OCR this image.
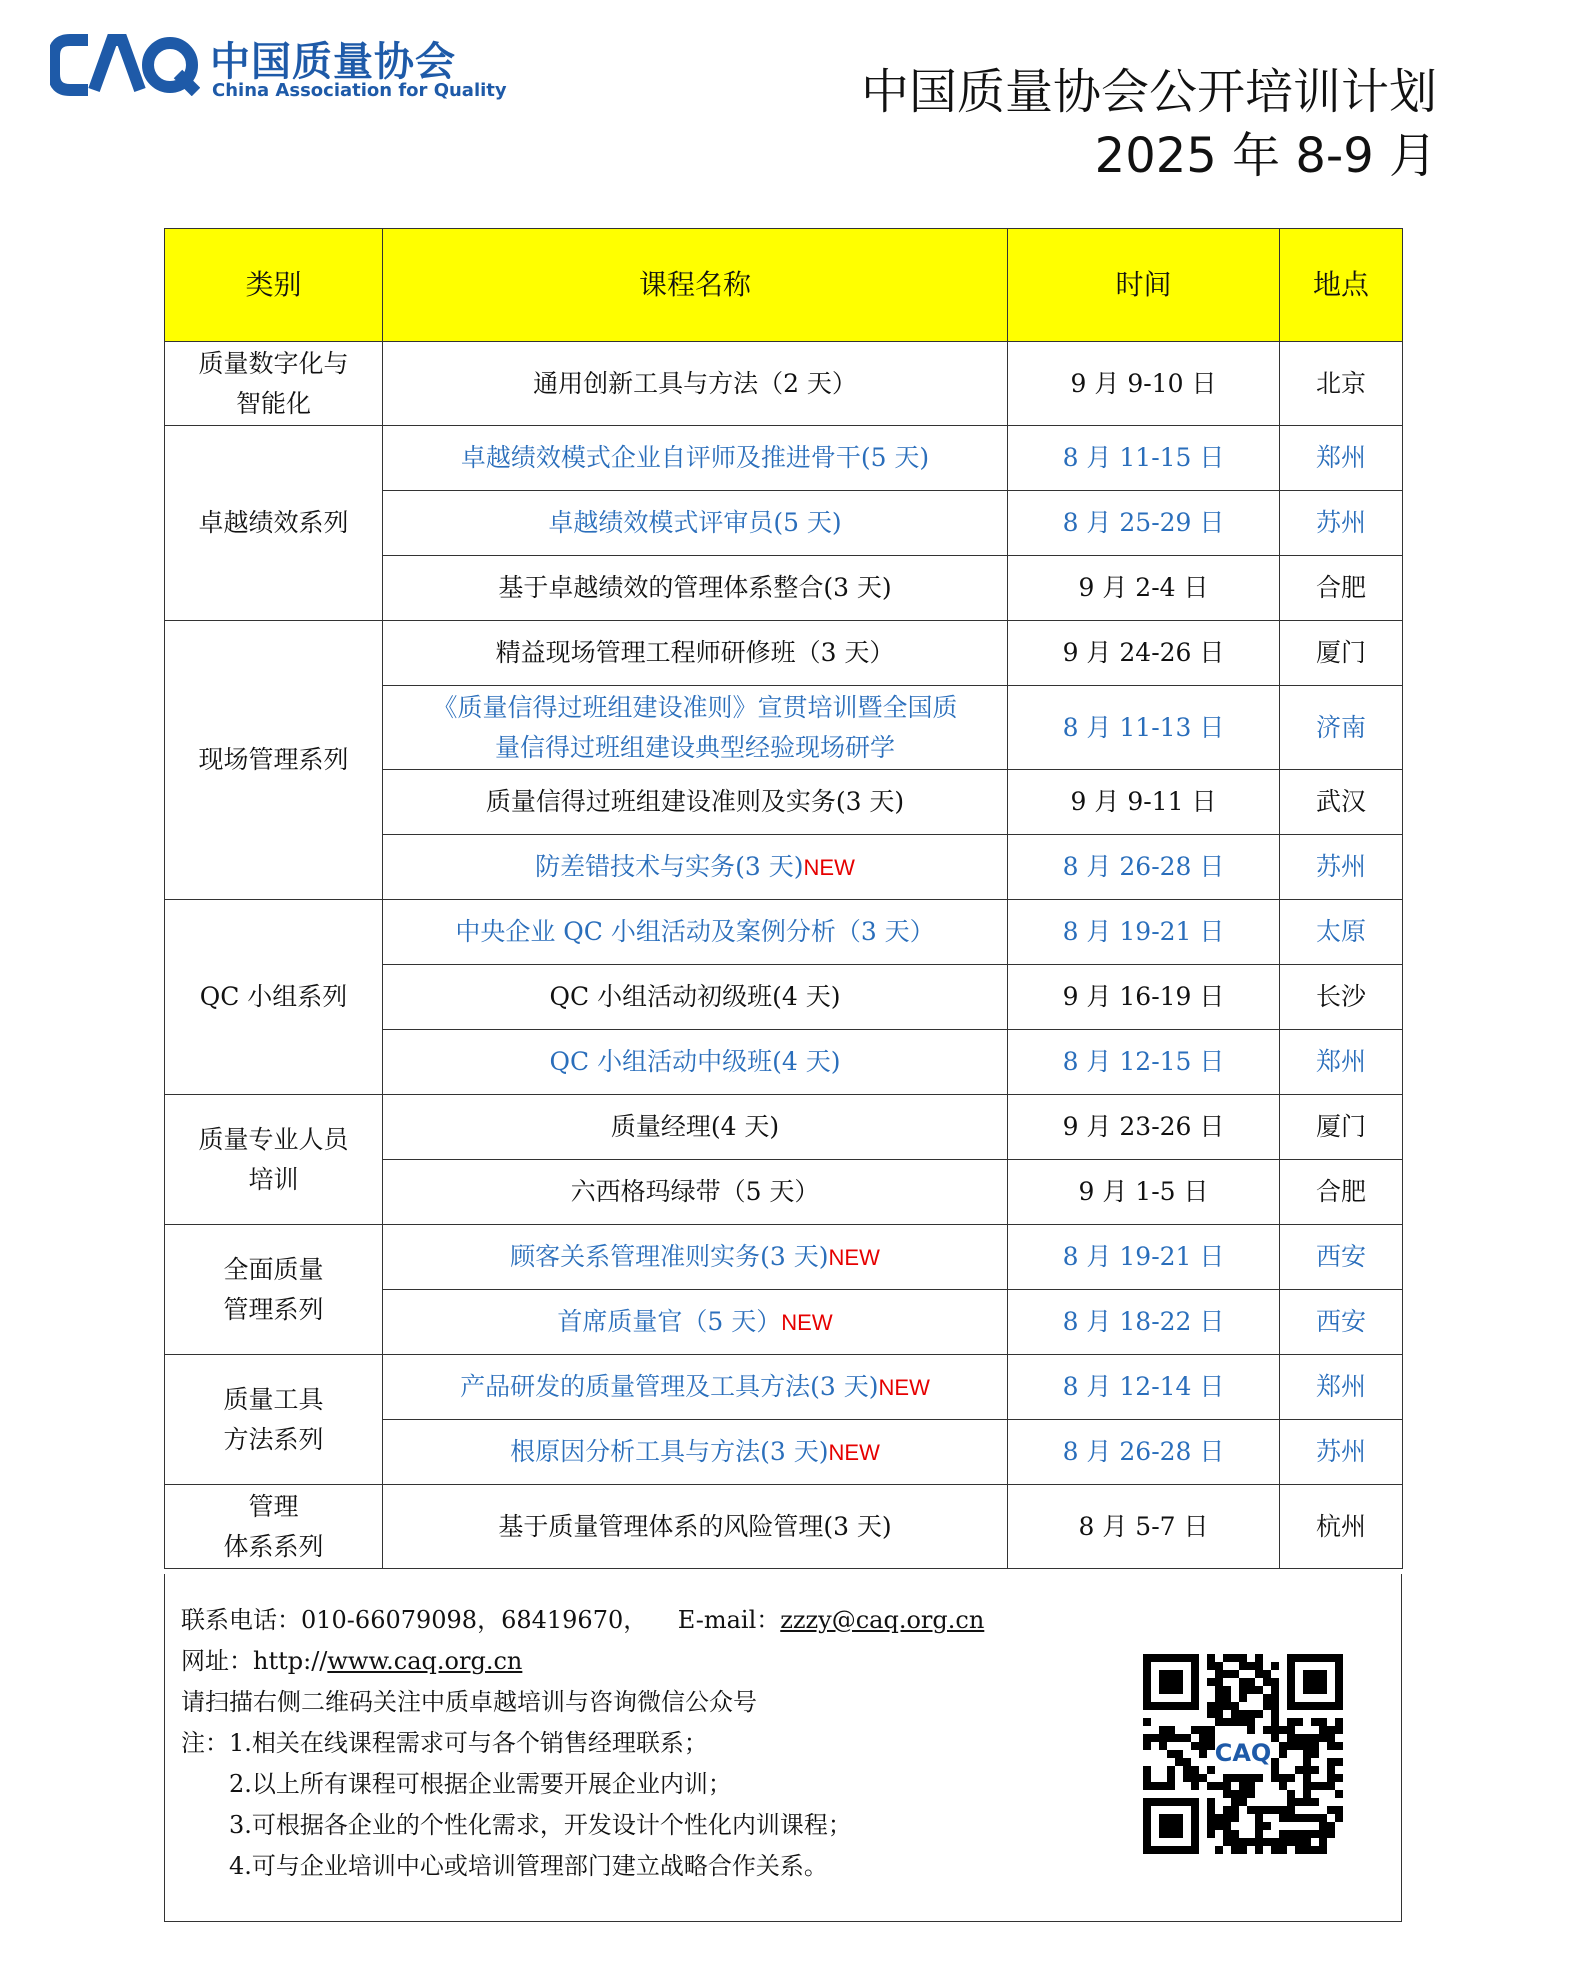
中国质量协会
China Association for Quality	中国质量协会公开培训计划
2025 年 8-9 月
类别	课程名称	时间	地点
质量数字化与
智能化	通用创新工具与方法（2 天）	9 月 9-10 日	北京
卓越绩效系列	卓越绩效模式企业自评师及推进骨干(5 天)	8 月 11-15 日	郑州
	卓越绩效模式评审员(5 天)	8 月 25-29 日	苏州
	基于卓越绩效的管理体系整合(3 天)	9 月 2-4 日	合肥
现场管理系列	精益现场管理工程师研修班（3 天）	9 月 24-26 日	厦门
	《质量信得过班组建设准则》宣贯培训暨全国质
量信得过班组建设典型经验现场研学	8 月 11-13 日	济南
	质量信得过班组建设准则及实务(3 天)	9 月 9-11 日	武汉
	防差错技术与实务(3 天)NEW	8 月 26-28 日	苏州
QC 小组系列	中央企业 QC 小组活动及案例分析（3 天）	8 月 19-21 日	太原
	QC 小组活动初级班(4 天)	9 月 16-19 日	长沙
	QC 小组活动中级班(4 天)	8 月 12-15 日	郑州
质量专业人员
培训	质量经理(4 天)	9 月 23-26 日	厦门
	六西格玛绿带（5 天）	9 月 1-5 日	合肥
全面质量
管理系列	顾客关系管理准则实务(3 天)NEW	8 月 19-21 日	西安
	首席质量官（5 天）NEW	8 月 18-22 日	西安
质量工具
方法系列	产品研发的质量管理及工具方法(3 天)NEW	8 月 12-14 日	郑州
	根原因分析工具与方法(3 天)NEW	8 月 26-28 日	苏州
管理
体系系列	基于质量管理体系的风险管理(3 天)	8 月 5-7 日	杭州
联系电话：010-66079098，68419670， E-mail：zzzy@caq.org.cn
网址：http://www.caq.org.cn
请扫描右侧二维码关注中质卓越培训与咨询微信公众号
注：1.相关在线课程需求可与各个销售经理联系；
2.以上所有课程可根据企业需要开展企业内训；
3.可根据各企业的个性化需求，开发设计个性化内训课程；
4.可与企业培训中心或培训管理部门建立战略合作关系。
CAQ
